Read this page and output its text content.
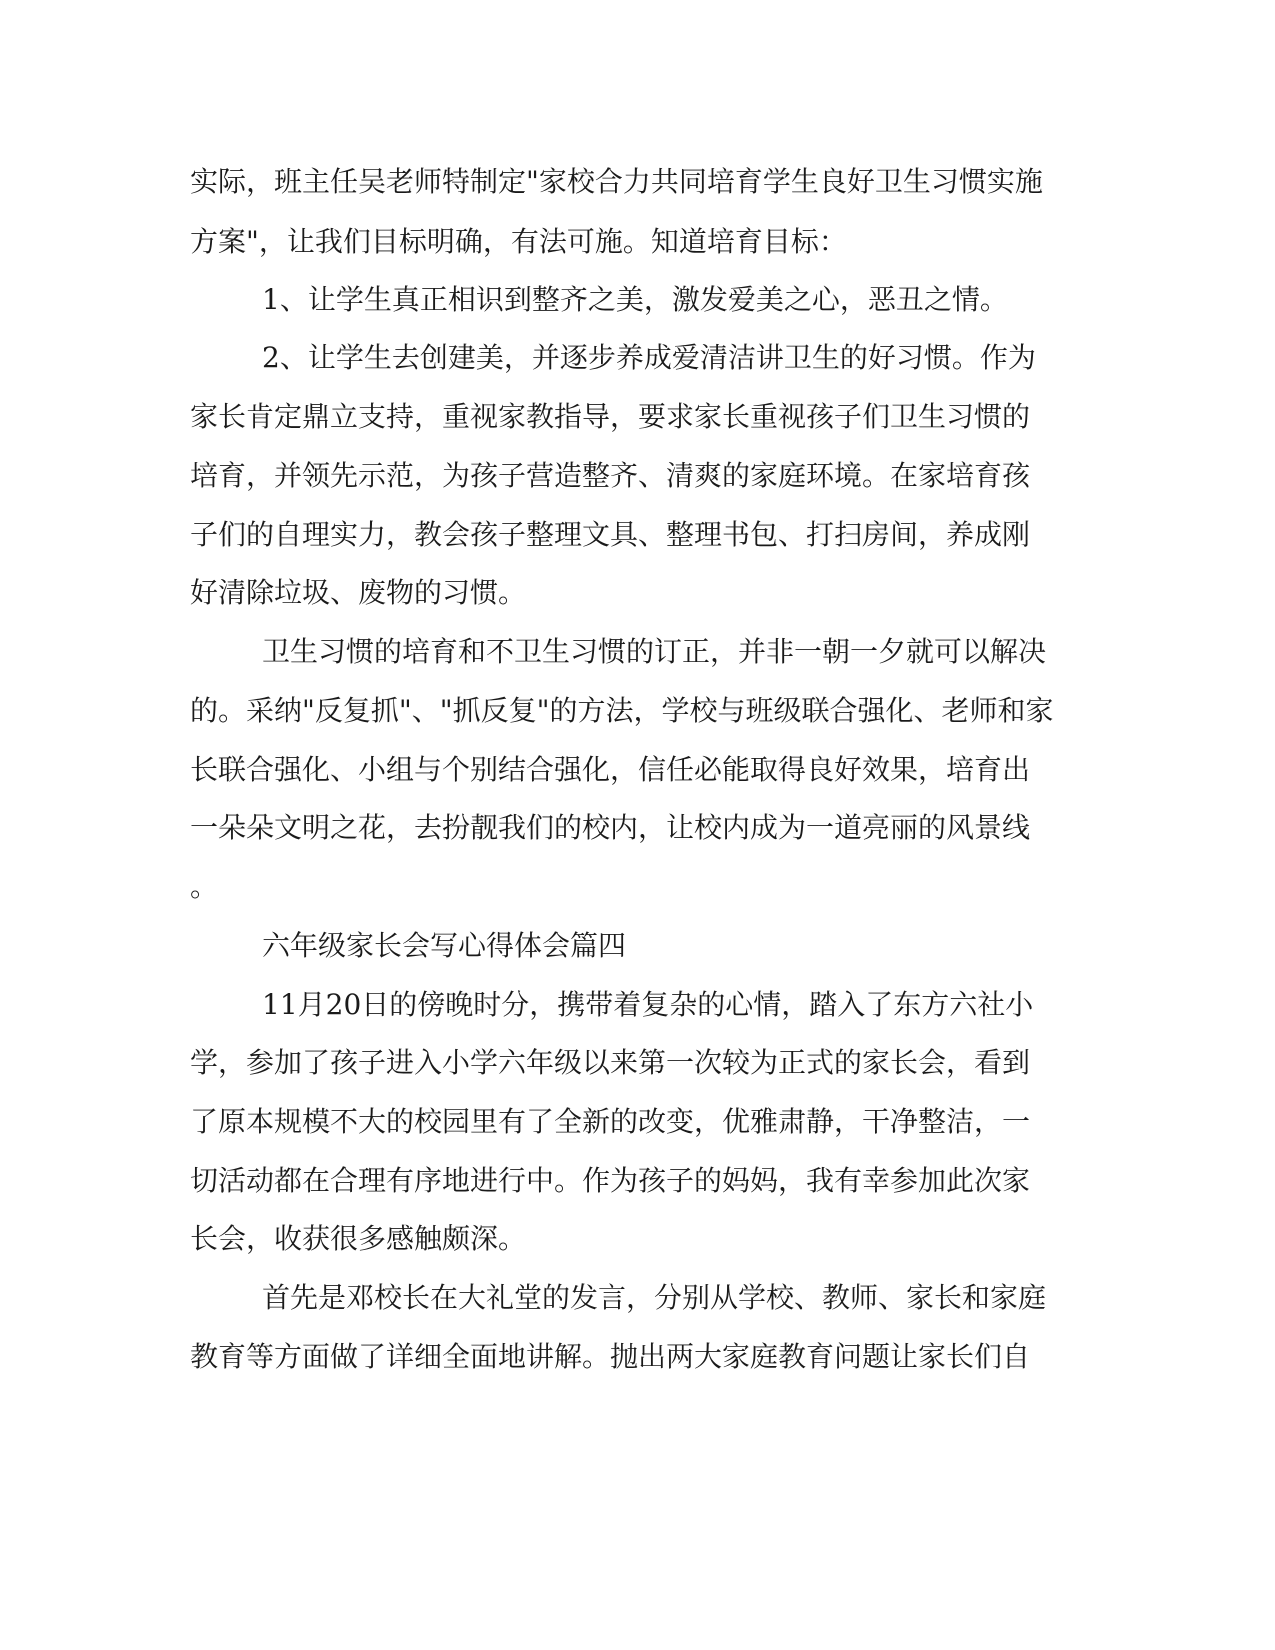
实际，班主任吴老师特制定"家校合力共同培育学生良好卫生习惯实施
方案"，让我们目标明确，有法可施。知道培育目标：
1、让学生真正相识到整齐之美，激发爱美之心，恶丑之情。
2、让学生去创建美，并逐步养成爱清洁讲卫生的好习惯。作为
家长肯定鼎立支持，重视家教指导，要求家长重视孩子们卫生习惯的
培育，并领先示范，为孩子营造整齐、清爽的家庭环境。在家培育孩
子们的自理实力，教会孩子整理文具、整理书包、打扫房间，养成刚
好清除垃圾、废物的习惯。
卫生习惯的培育和不卫生习惯的订正，并非一朝一夕就可以解决
的。采纳"反复抓"、"抓反复"的方法，学校与班级联合强化、老师和家
长联合强化、小组与个别结合强化，信任必能取得良好效果，培育出
一朵朵文明之花，去扮靓我们的校内，让校内成为一道亮丽的风景线
。
六年级家长会写心得体会篇四
11月20日的傍晚时分，携带着复杂的心情，踏入了东方六社小
学，参加了孩子进入小学六年级以来第一次较为正式的家长会，看到
了原本规模不大的校园里有了全新的改变，优雅肃静，干净整洁，一
切活动都在合理有序地进行中。作为孩子的妈妈，我有幸参加此次家
长会，收获很多感触颇深。
首先是邓校长在大礼堂的发言，分别从学校、教师、家长和家庭
教育等方面做了详细全面地讲解。抛出两大家庭教育问题让家长们自
